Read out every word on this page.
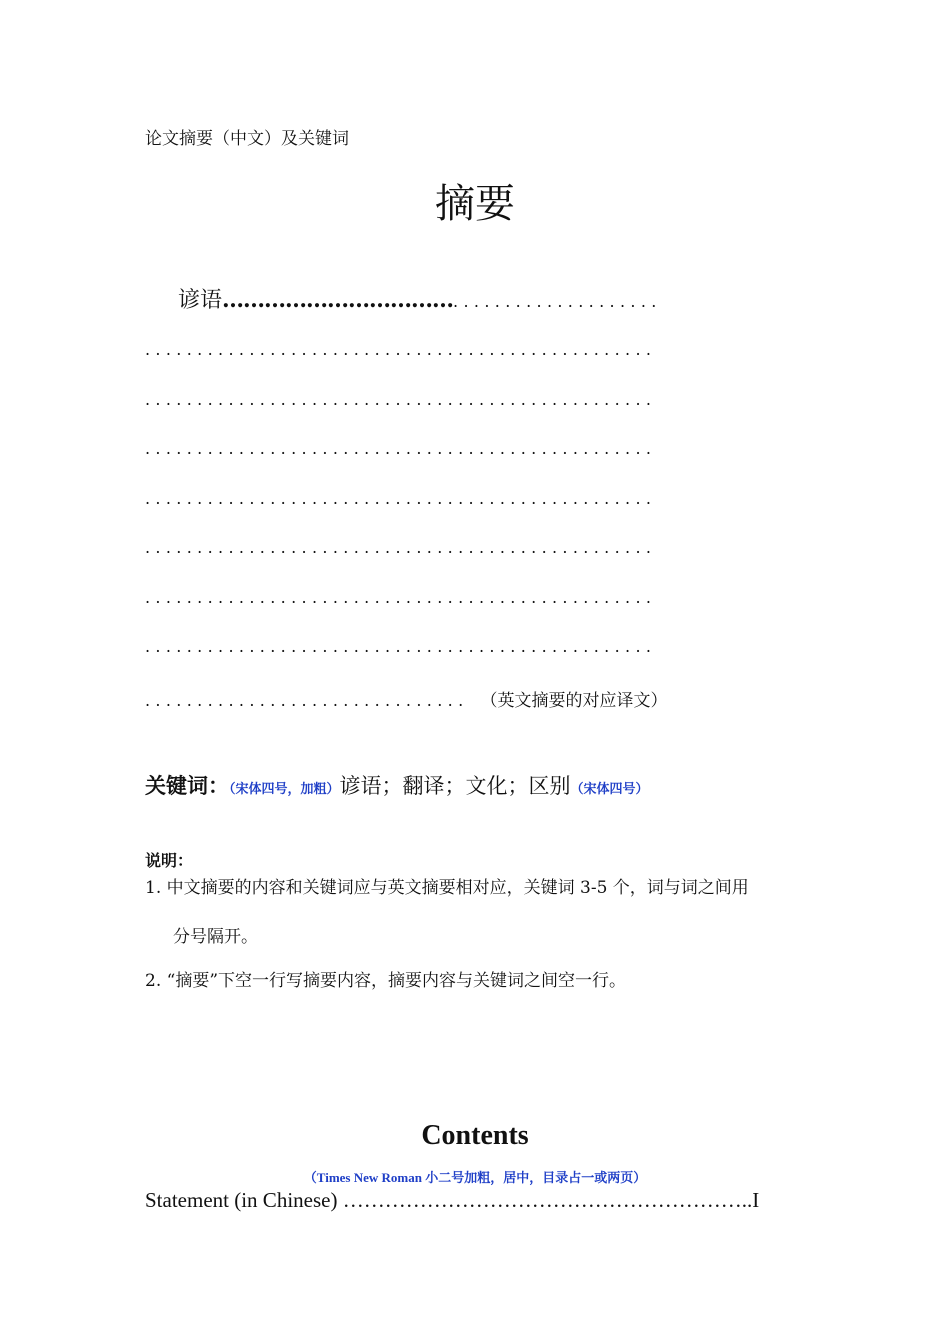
论文摘要（中文）及关键词
摘要
谚语……………………………....................
.................................................
.................................................
.................................................
.................................................
.................................................
.................................................
.................................................
............................... （英文摘要的对应译文）
关键词：（宋体四号，加粗）谚语；翻译；文化；区别（宋体四号）
说明：
1. 中文摘要的内容和关键词应与英文摘要相对应，关键词 3-5 个，词与词之间用
分号隔开。
2. “摘要”下空一行写摘要内容，摘要内容与关键词之间空一行。
Contents
（Times New Roman 小二号加粗，居中，目录占一或两页）
Statement (in Chinese) …………………………………………………..I
